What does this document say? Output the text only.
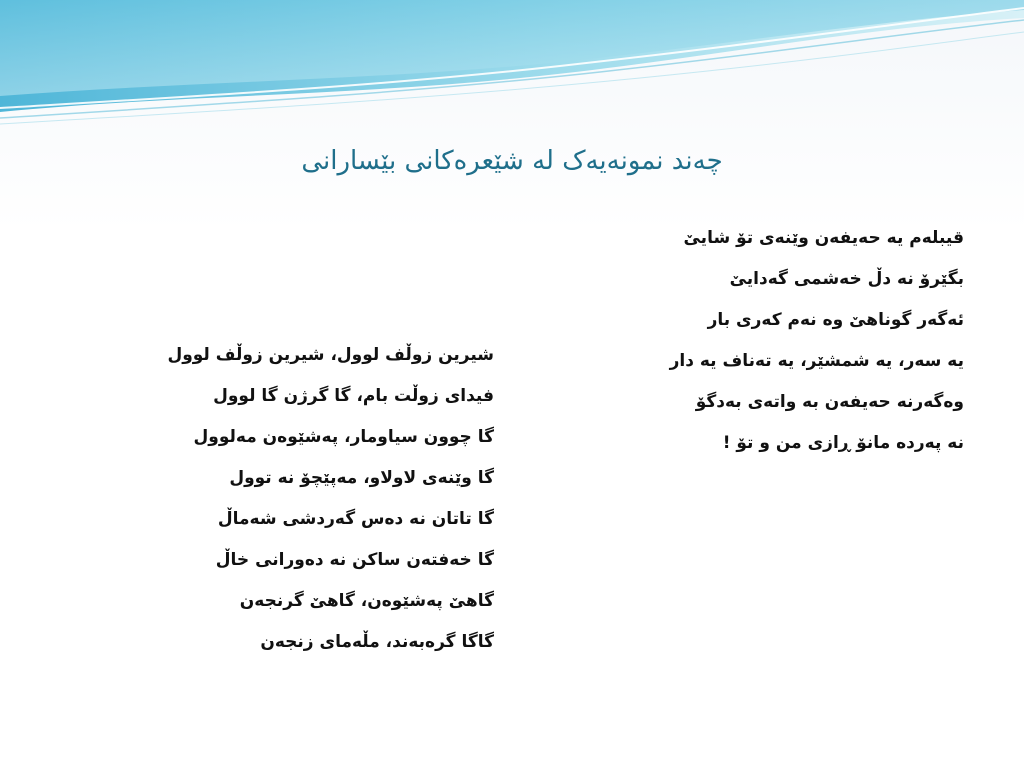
چەند نمونەیەک لە شێعرەکانی بێسارانی
قیبلەم یە حەیفەن وێنەی تۆ شایێ
بگێرۆ نە دڵ خەشمی گەدایێ
ئەگەر گوناهێ وە نەم کەری بار
یە سەر، یە شمشێر، یە تەناف یە دار
وەگەرنە حەیفەن بە واتەی بەدگۆ
نە پەردە مانۆ ڕازی من و تۆ !
شیرین زوڵف لوول، شیرین زوڵف لوول
فیدای زوڵت بام، گا گرژن گا لوول
گا چوون سیاومار، پەشێوەن مەلوول
گا وێنەی لاولاو، مەپێچۆ نە توول
گا تاتان نە دەس گەردشی شەماڵ
گا خەفتەن ساکن نە دەورانی خاڵ
گاهێ پەشێوەن، گاهێ گرنجەن
گاگا گرەبەند، مڵەمای زنجەن
